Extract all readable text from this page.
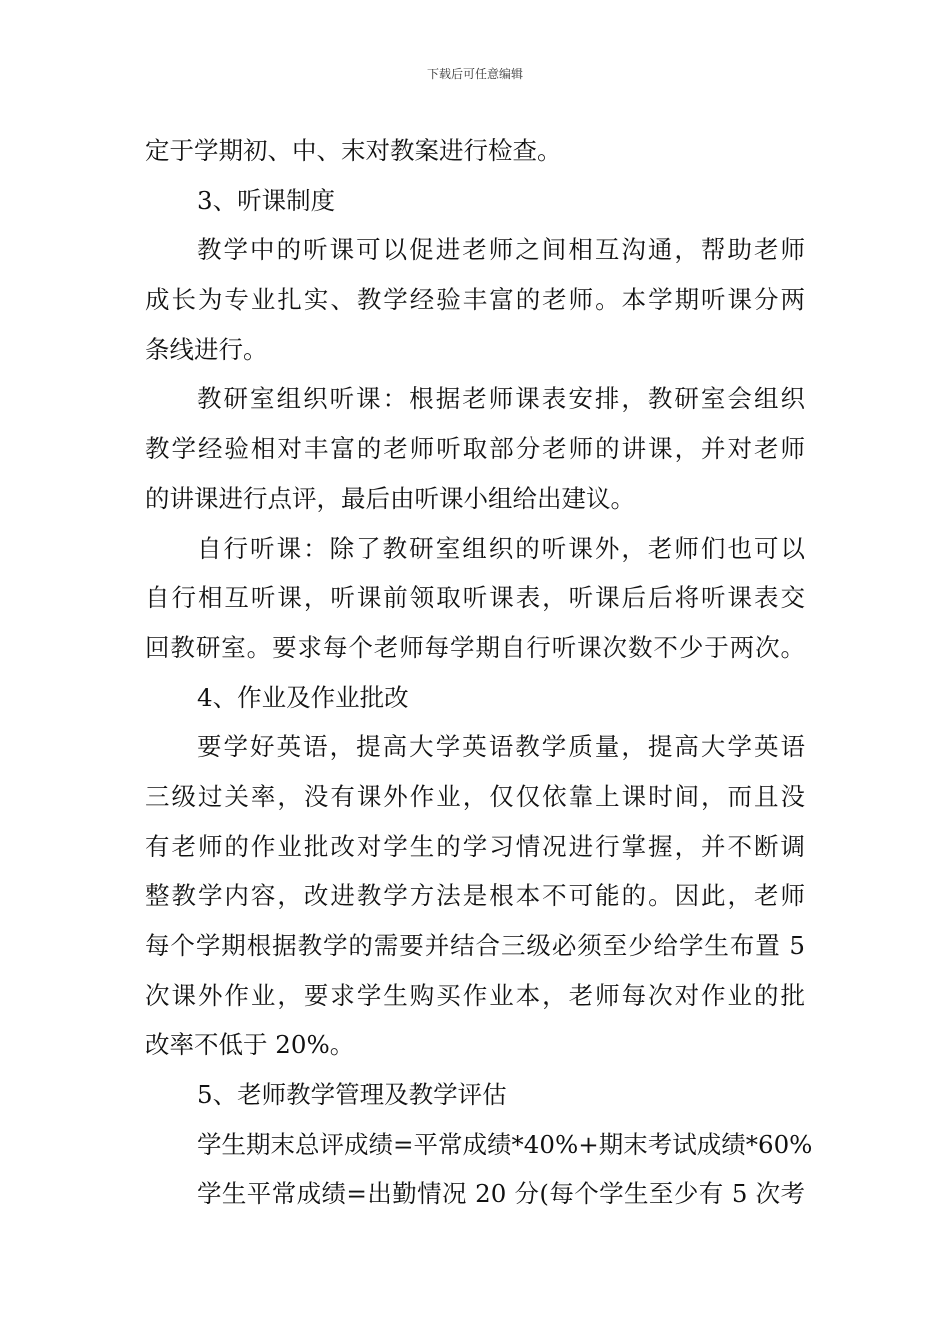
下载后可任意编辑
定于学期初、中、末对教案进行检查。
3、听课制度
教学中的听课可以促进老师之间相互沟通，帮助老师
成长为专业扎实、教学经验丰富的老师。本学期听课分两
条线进行。
教研室组织听课：根据老师课表安排，教研室会组织
教学经验相对丰富的老师听取部分老师的讲课，并对老师
的讲课进行点评，最后由听课小组给出建议。
自行听课：除了教研室组织的听课外，老师们也可以
自行相互听课，听课前领取听课表，听课后后将听课表交
回教研室。要求每个老师每学期自行听课次数不少于两次。
4、作业及作业批改
要学好英语，提高大学英语教学质量，提高大学英语
三级过关率，没有课外作业，仅仅依靠上课时间，而且没
有老师的作业批改对学生的学习情况进行掌握，并不断调
整教学内容，改进教学方法是根本不可能的。因此，老师
每个学期根据教学的需要并结合三级必须至少给学生布置 5
次课外作业，要求学生购买作业本，老师每次对作业的批
改率不低于 20%。
5、老师教学管理及教学评估
学生期末总评成绩=平常成绩*40%+期末考试成绩*60%
学生平常成绩=出勤情况 20 分(每个学生至少有 5 次考
